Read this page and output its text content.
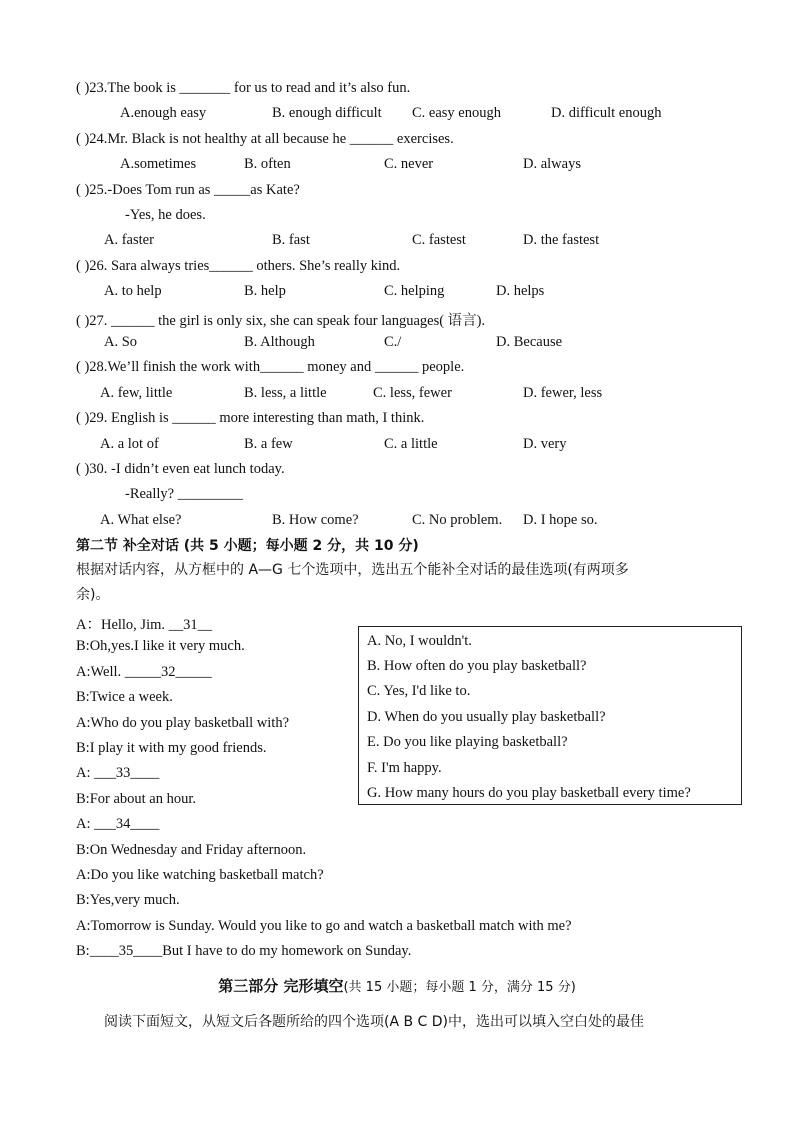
( )23.The book is _______ for us to read and it’s also fun.
A.enough easy	B. enough difficult C. easy enough	D. difficult enough
( )24.Mr. Black is not healthy at all because he ______ exercises.
A.sometimes	B. often	C. never	D. always
( )25.-Does Tom run as _____as Kate?
-Yes, he does.
A. faster	B. fast	C. fastest	D. the fastest
( )26. Sara always tries______ others. She’s really kind.
A. to help	B. help	C. helping	D. helps
( )27. ______ the girl is only six, she can speak four languages( 语言).
A. So	B. Although	C./	D. Because
( )28.We’ll finish the work with______ money and ______ people.
A. few, little	B. less, a little	C. less, fewer	D. fewer, less
( )29. English is ______ more interesting than math, I think.
A. a lot of	B. a few	C. a little	D. very
( )30. -I didn’t even eat lunch today.
-Really? _________
A. What else?	B. How come?	C. No problem. D. I hope so.
第二节 补全对话 (共 5 小题；每小题 2 分，共 10 分)
根据对话内容，从方框中的 A—G 七个选项中，选出五个能补全对话的最佳选项(有两项多
余)。
A：Hello, Jim. __31__
B:Oh,yes.I like it very much.
A:Well. _____32_____
B:Twice a week.
A:Who do you play basketball with?
B:I play it with my good friends.
A: ___33____
B:For about an hour.
A: ___34____
B:On Wednesday and Friday afternoon.
A:Do you like watching basketball match?
B:Yes,very much.
A:Tomorrow is Sunday. Would you like to go and watch a basketball match with me?
B:____35____But I have to do my homework on Sunday.
A. No, I wouldn't.
B. How often do you play basketball?
C. Yes, I'd like to.
D. When do you usually play basketball?
E. Do you like playing basketball?
F. I'm happy.
G. How many hours do you play basketball every time?
第三部分 完形填空(共 15 小题；每小题 1 分，满分 15 分)
阅读下面短文，从短文后各题所给的四个选项(A B C D)中，选出可以填入空白处的最佳
